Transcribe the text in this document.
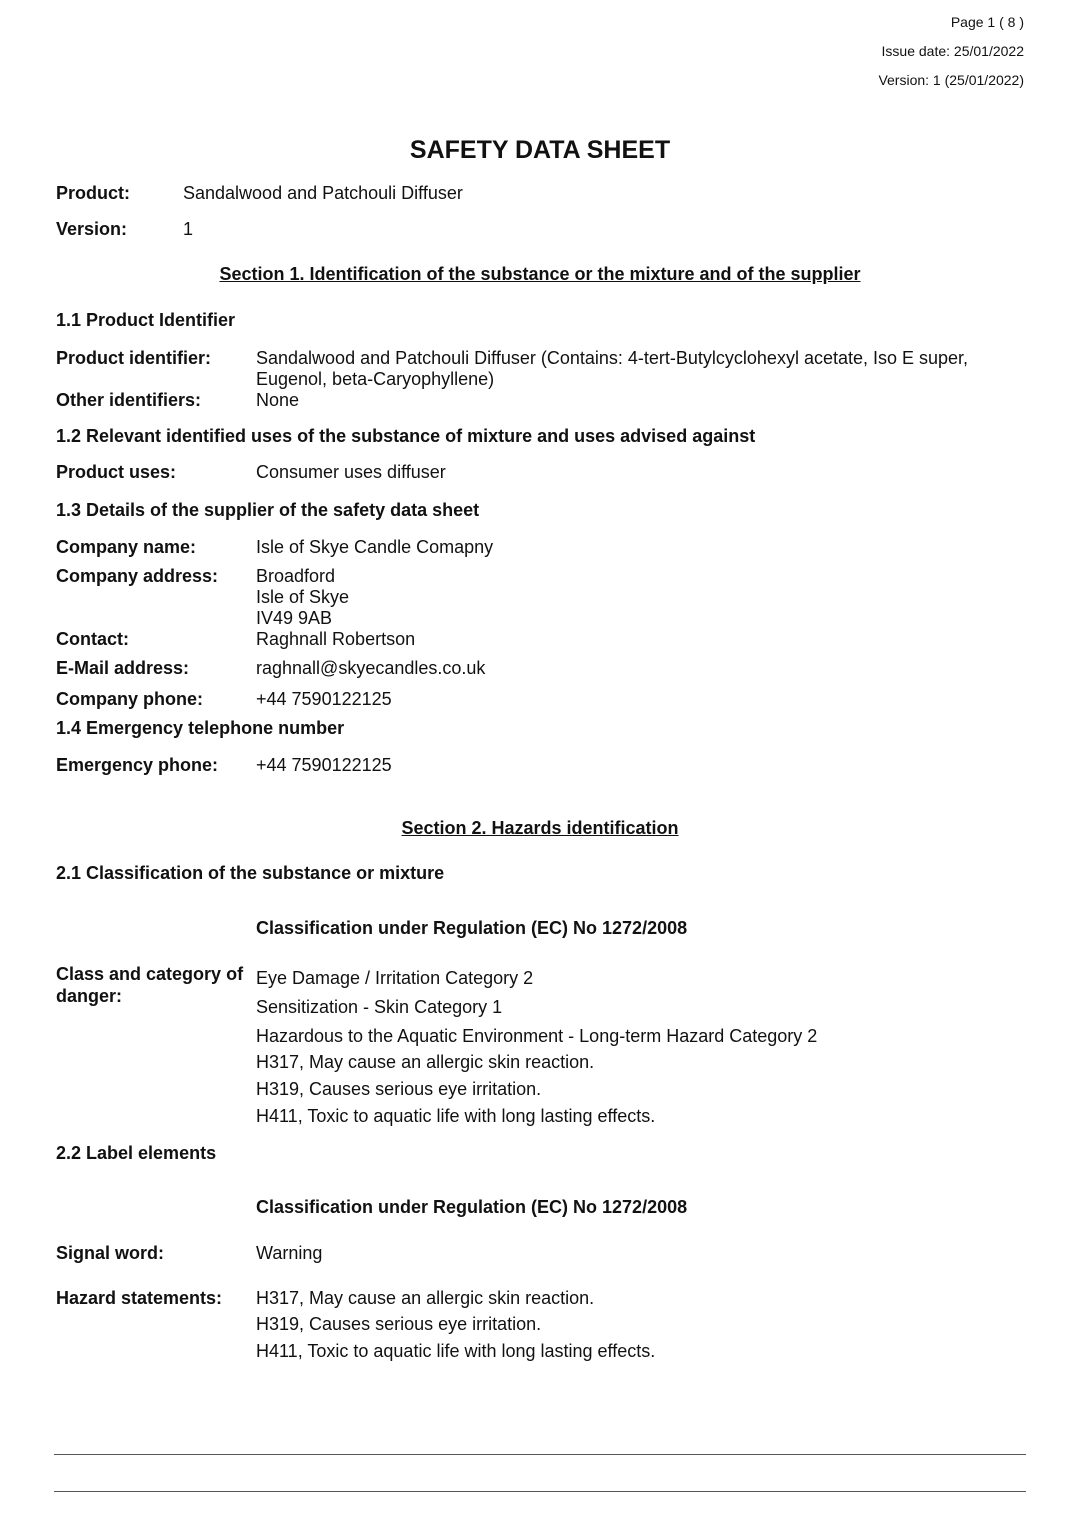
Page 1 ( 8 )
Issue date: 25/01/2022
Version: 1 (25/01/2022)
SAFETY DATA SHEET
Product:	Sandalwood and Patchouli Diffuser
Version:	1
Section 1. Identification of the substance or the mixture and of the supplier
1.1 Product Identifier
Product identifier: Sandalwood and Patchouli Diffuser (Contains: 4-tert-Butylcyclohexyl acetate, Iso E super,
Eugenol, beta-Caryophyllene)
Other identifiers:	None
1.2 Relevant identified uses of the substance of mixture and uses advised against
Product uses:	Consumer uses diffuser
1.3 Details of the supplier of the safety data sheet
Company name:	Isle of Skye Candle Comapny
Company address: Broadford
Isle of Skye
IV49 9AB
Contact:	Raghnall Robertson
E-Mail address:	raghnall@skyecandles.co.uk
Company phone:	+44 7590122125
1.4 Emergency telephone number
Emergency phone: +44 7590122125
Section 2. Hazards identification
2.1 Classification of the substance or mixture
Classification under Regulation (EC) No 1272/2008
Class and category of danger:
Eye Damage / Irritation Category 2
Sensitization - Skin Category 1
Hazardous to the Aquatic Environment - Long-term Hazard Category 2
H317, May cause an allergic skin reaction.
H319, Causes serious eye irritation.
H411, Toxic to aquatic life with long lasting effects.
2.2 Label elements
Classification under Regulation (EC) No 1272/2008
Signal word:	Warning
Hazard statements: H317, May cause an allergic skin reaction.
H319, Causes serious eye irritation.
H411, Toxic to aquatic life with long lasting effects.
